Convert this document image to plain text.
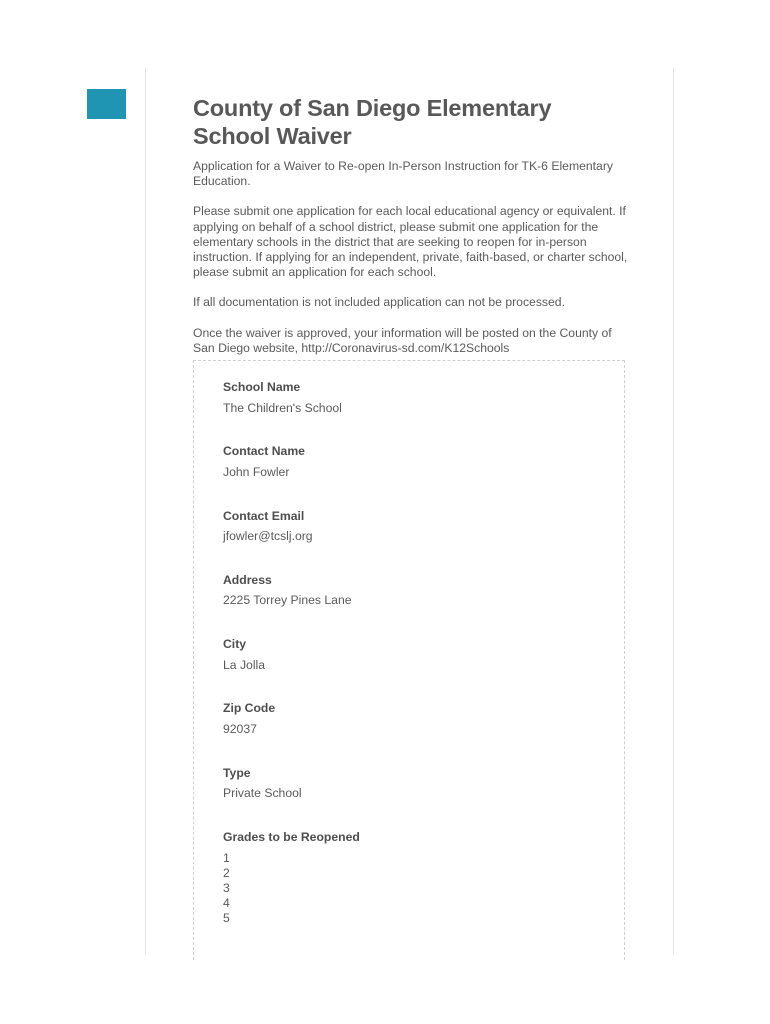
County of San Diego Elementary School Waiver

Application for a Waiver to Re-open In-Person Instruction for TK-6 Elementary Education.

Please submit one application for each local educational agency or equivalent. If applying on behalf of a school district, please submit one application for the elementary schools in the district that are seeking to reopen for in-person instruction. If applying for an independent, private, faith-based, or charter school, please submit an application for each school.

If all documentation is not included application can not be processed.

Once the waiver is approved, your information will be posted on the County of San Diego website, http://Coronavirus-sd.com/K12Schools

School Name
The Children's School
Contact Name
John Fowler
Contact Email
jfowler@tcslj.org
Address
2225 Torrey Pines Lane
City
La Jolla
Zip Code
92037
Type
Private School
Grades to be Reopened
1
2
3
4
5
